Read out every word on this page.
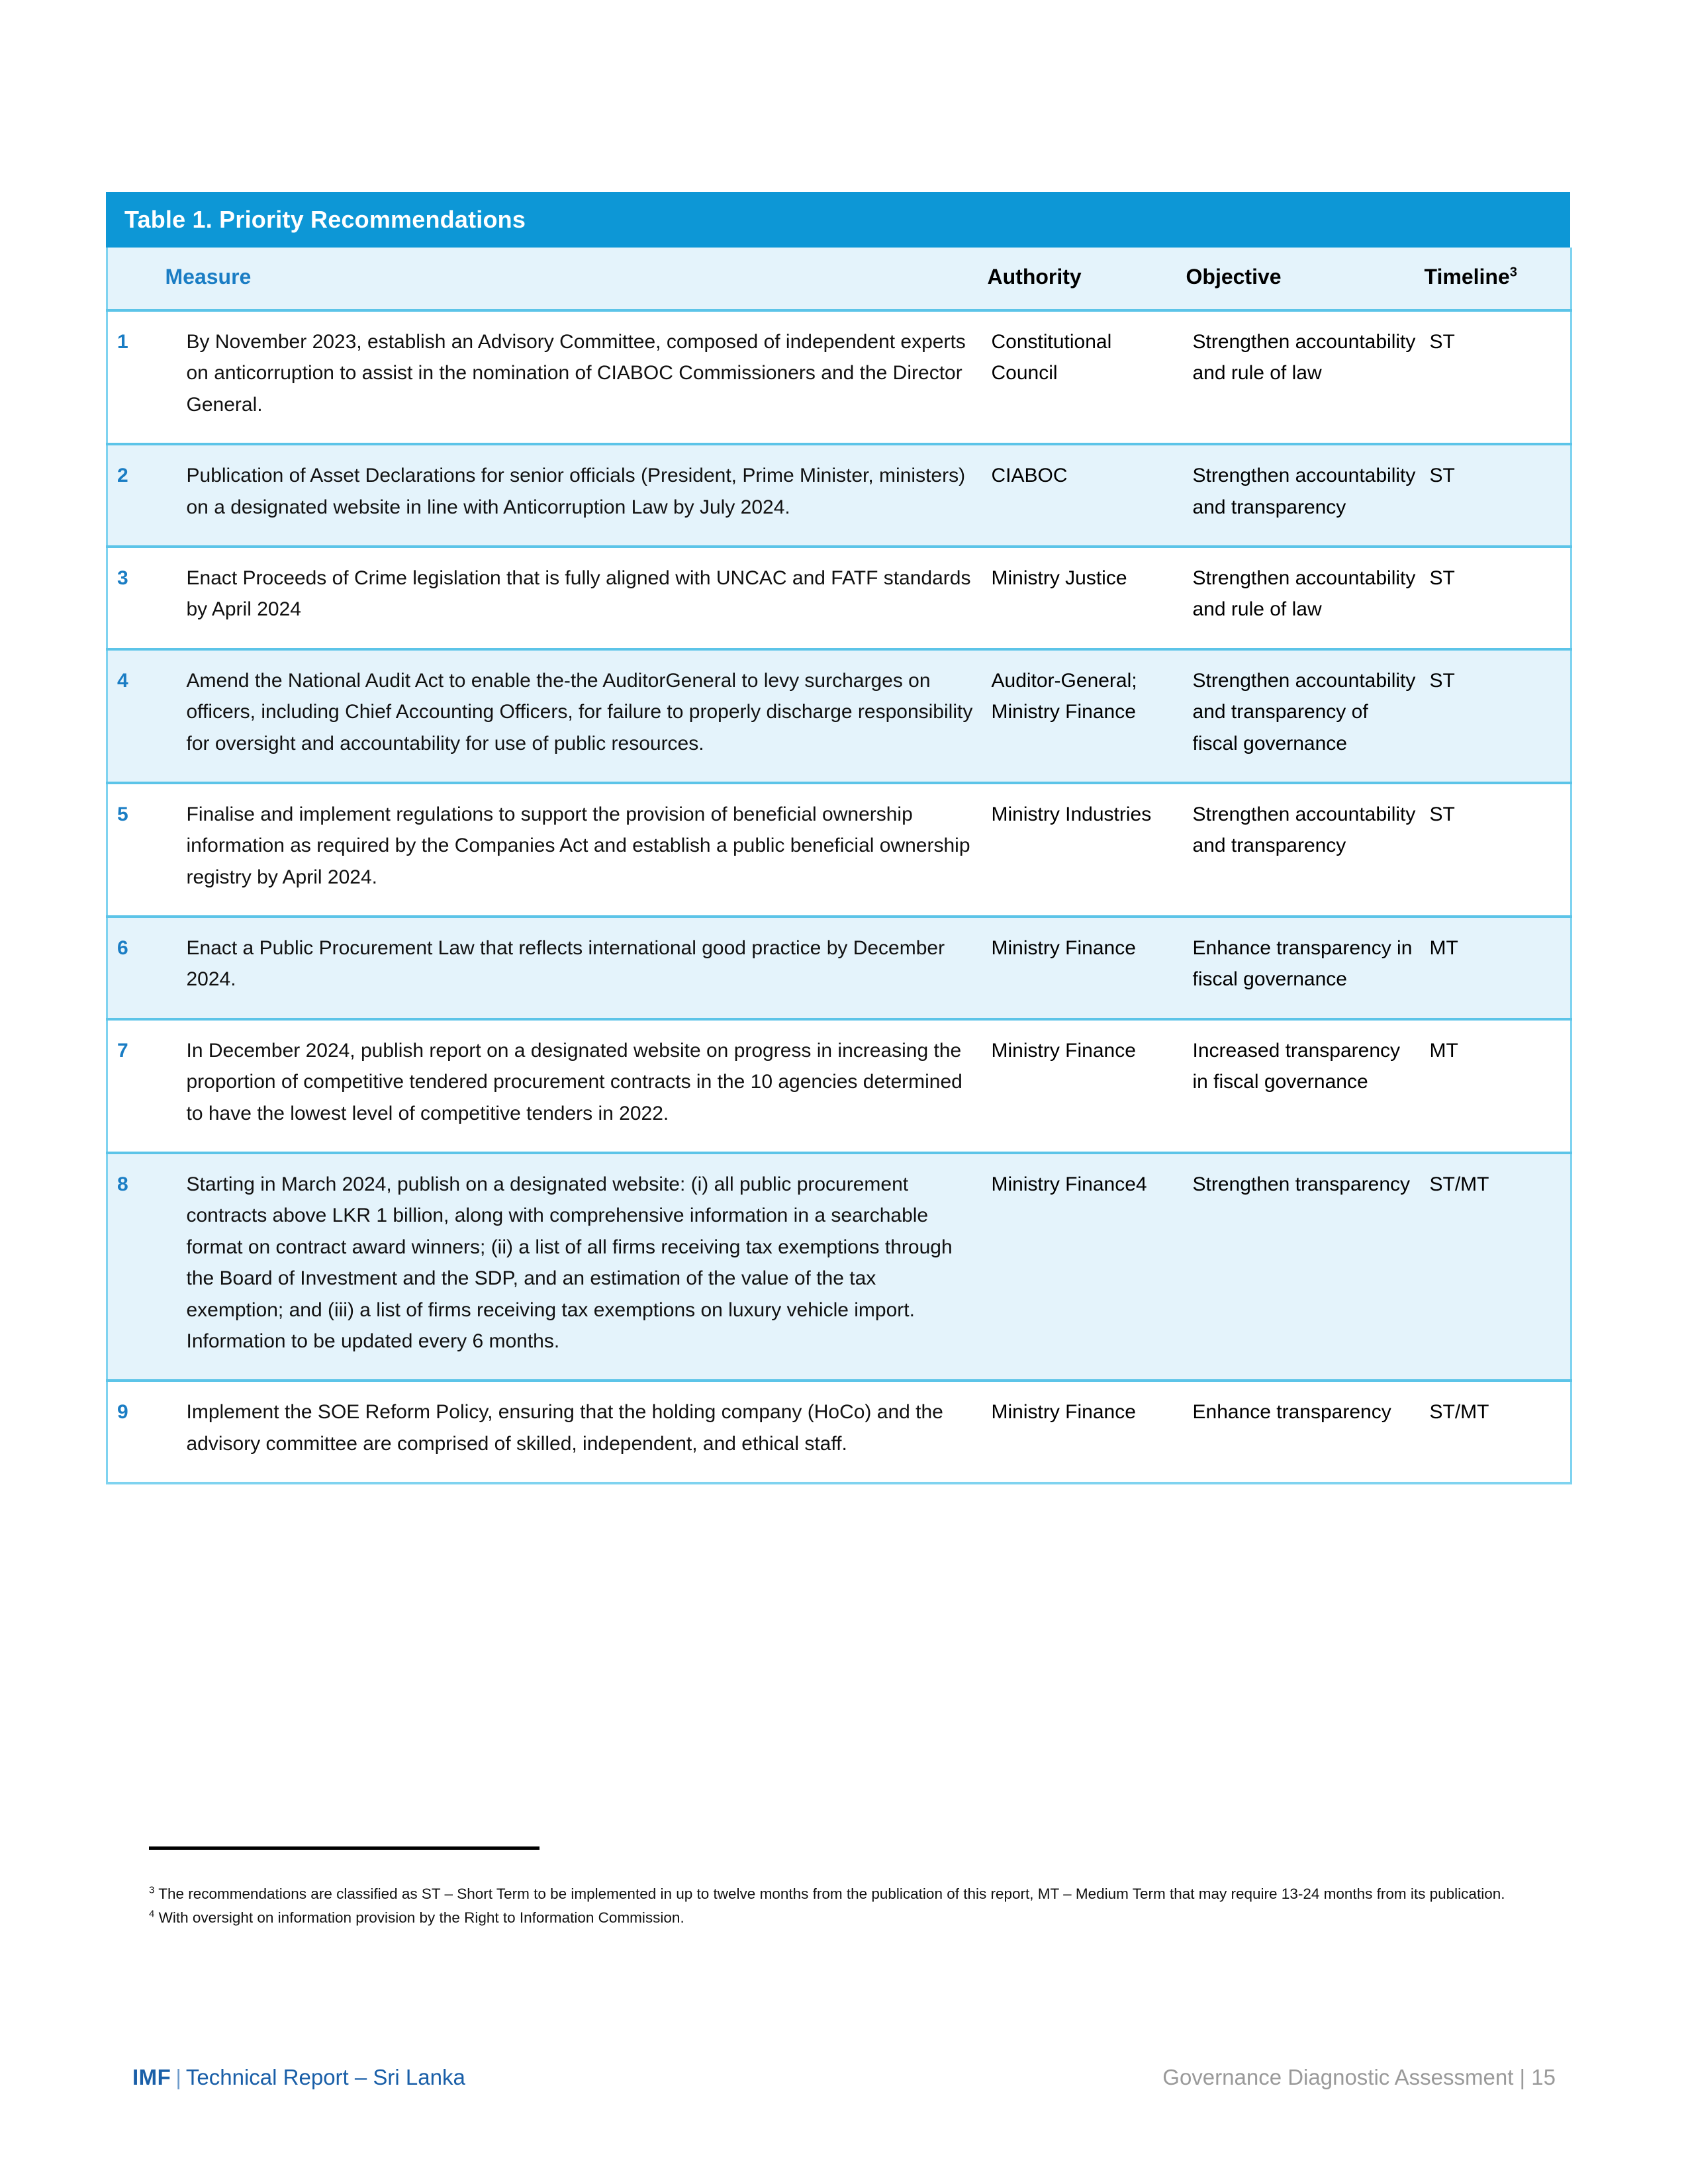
Table 1. Priority Recommendations
	Measure	Authority	Objective	Timeline$^3$
1	By November 2023, establish an Advisory Committee, composed of independent experts on anticorruption to assist in the nomination of CIABOC Commissioners and the Director General.	Constitutional Council	Strengthen accountability and rule of law	ST
2	Publication of Asset Declarations for senior officials (President, Prime Minister, ministers) on a designated website in line with Anticorruption Law by July 2024.	CIABOC	Strengthen accountability and transparency	ST
3	Enact Proceeds of Crime legislation that is fully aligned with UNCAC and FATF standards by April 2024	Ministry Justice	Strengthen accountability and rule of law	ST
4	Amend the National Audit Act to enable the-the AuditorGeneral to levy surcharges on officers, including Chief Accounting Officers, for failure to properly discharge responsibility for oversight and accountability for use of public resources.	Auditor-General; Ministry Finance	Strengthen accountability and transparency of fiscal governance	ST
5	Finalise and implement regulations to support the provision of beneficial ownership information as required by the Companies Act and establish a public beneficial ownership registry by April 2024.	Ministry Industries	Strengthen accountability and transparency	ST
6	Enact a Public Procurement Law that reflects international good practice by December 2024.	Ministry Finance	Enhance transparency in fiscal governance	MT
7	In December 2024, publish report on a designated website on progress in increasing the proportion of competitive tendered procurement contracts in the 10 agencies determined to have the lowest level of competitive tenders in 2022.	Ministry Finance	Increased transparency in fiscal governance	MT
8	Starting in March 2024, publish on a designated website: (i) all public procurement contracts above LKR 1 billion, along with comprehensive information in a searchable format on contract award winners; (ii) a list of all firms receiving tax exemptions through the Board of Investment and the SDP, and an estimation of the value of the tax exemption; and (iii) a list of firms receiving tax exemptions on luxury vehicle import. Information to be updated every 6 months.	Ministry Finance4	Strengthen transparency	ST/MT
9	Implement the SOE Reform Policy, ensuring that the holding company (HoCo) and the advisory committee are comprised of skilled, independent, and ethical staff.	Ministry Finance	Enhance transparency	ST/MT

$^3$ The recommendations are classified as ST – Short Term to be implemented in up to twelve months from the publication of this report, MT – Medium Term that may require 13-24 months from its publication.

$^4$ With oversight on information provision by the Right to Information Commission.

IMF | Technical Report – Sri Lanka	Governance Diagnostic Assessment | 15
